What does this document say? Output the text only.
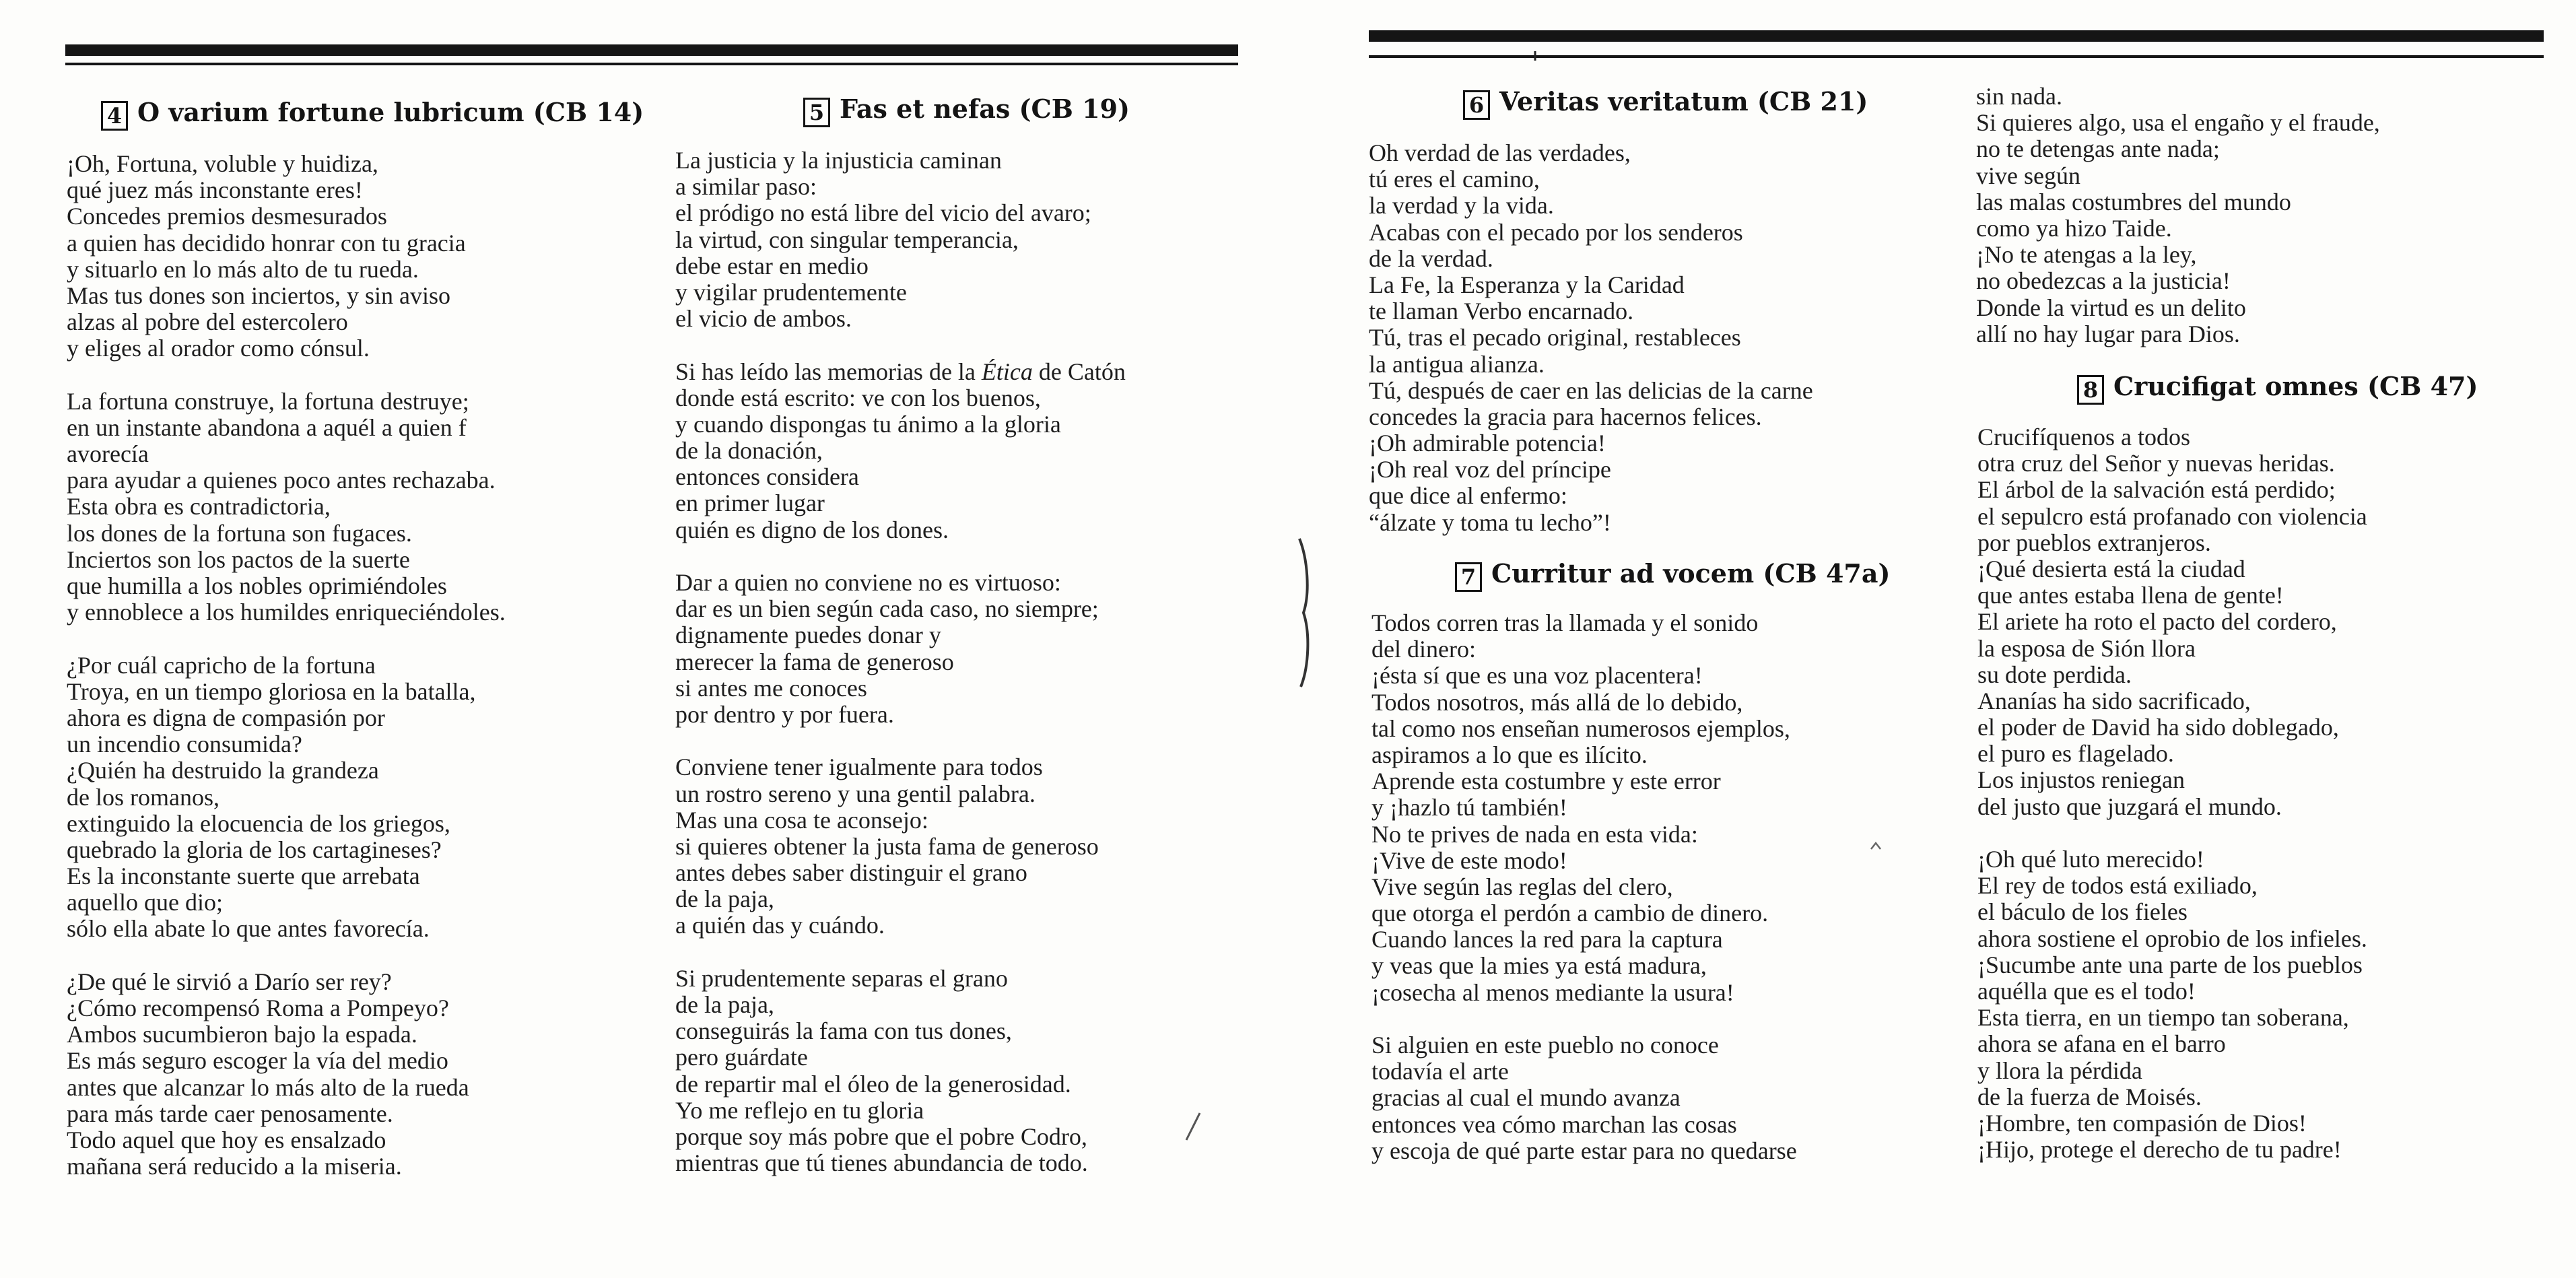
4 O varium fortune lubricum (CB 14)
¡Oh, Fortuna, voluble y huidiza,
qué juez más inconstante eres!
Concedes premios desmesurados
a quien has decidido honrar con tu gracia
y situarlo en lo más alto de tu rueda.
Mas tus dones son inciertos, y sin aviso
alzas al pobre del estercolero
y eliges al orador como cónsul.
La fortuna construye, la fortuna destruye;
en un instante abandona a aquél a quien f
avorecía
para ayudar a quienes poco antes rechazaba.
Esta obra es contradictoria,
los dones de la fortuna son fugaces.
Inciertos son los pactos de la suerte
que humilla a los nobles oprimiéndoles
y ennoblece a los humildes enriqueciéndoles.
¿Por cuál capricho de la fortuna
Troya, en un tiempo gloriosa en la batalla,
ahora es digna de compasión por
un incendio consumida?
¿Quién ha destruido la grandeza
de los romanos,
extinguido la elocuencia de los griegos,
quebrado la gloria de los cartagineses?
Es la inconstante suerte que arrebata
aquello que dio;
sólo ella abate lo que antes favorecía.
¿De qué le sirvió a Darío ser rey?
¿Cómo recompensó Roma a Pompeyo?
Ambos sucumbieron bajo la espada.
Es más seguro escoger la vía del medio
antes que alcanzar lo más alto de la rueda
para más tarde caer penosamente.
Todo aquel que hoy es ensalzado
mañana será reducido a la miseria.
5 Fas et nefas (CB 19)
La justicia y la injusticia caminan
a similar paso:
el pródigo no está libre del vicio del avaro;
la virtud, con singular temperancia,
debe estar en medio
y vigilar prudentemente
el vicio de ambos.
Si has leído las memorias de la Ética de Catón
donde está escrito: ve con los buenos,
y cuando dispongas tu ánimo a la gloria
de la donación,
entonces considera
en primer lugar
quién es digno de los dones.
Dar a quien no conviene no es virtuoso:
dar es un bien según cada caso, no siempre;
dignamente puedes donar y
merecer la fama de generoso
si antes me conoces
por dentro y por fuera.
Conviene tener igualmente para todos
un rostro sereno y una gentil palabra.
Mas una cosa te aconsejo:
si quieres obtener la justa fama de generoso
antes debes saber distinguir el grano
de la paja,
a quién das y cuándo.
Si prudentemente separas el grano
de la paja,
conseguirás la fama con tus dones,
pero guárdate
de repartir mal el óleo de la generosidad.
Yo me reflejo en tu gloria
porque soy más pobre que el pobre Codro,
mientras que tú tienes abundancia de todo.
6 Veritas veritatum (CB 21)
Oh verdad de las verdades,
tú eres el camino,
la verdad y la vida.
Acabas con el pecado por los senderos
de la verdad.
La Fe, la Esperanza y la Caridad
te llaman Verbo encarnado.
Tú, tras el pecado original, restableces
la antigua alianza.
Tú, después de caer en las delicias de la carne
concedes la gracia para hacernos felices.
¡Oh admirable potencia!
¡Oh real voz del príncipe
que dice al enfermo:
“álzate y toma tu lecho”!
7 Curritur ad vocem (CB 47a)
Todos corren tras la llamada y el sonido
del dinero:
¡ésta sí que es una voz placentera!
Todos nosotros, más allá de lo debido,
tal como nos enseñan numerosos ejemplos,
aspiramos a lo que es ilícito.
Aprende esta costumbre y este error
y ¡hazlo tú también!
No te prives de nada en esta vida:
¡Vive de este modo!
Vive según las reglas del clero,
que otorga el perdón a cambio de dinero.
Cuando lances la red para la captura
y veas que la mies ya está madura,
¡cosecha al menos mediante la usura!
Si alguien en este pueblo no conoce
todavía el arte
gracias al cual el mundo avanza
entonces vea cómo marchan las cosas
y escoja de qué parte estar para no quedarse
sin nada.
Si quieres algo, usa el engaño y el fraude,
no te detengas ante nada;
vive según
las malas costumbres del mundo
como ya hizo Taide.
¡No te atengas a la ley,
no obedezcas a la justicia!
Donde la virtud es un delito
allí no hay lugar para Dios.
8 Crucifigat omnes (CB 47)
Crucifíquenos a todos
otra cruz del Señor y nuevas heridas.
El árbol de la salvación está perdido;
el sepulcro está profanado con violencia
por pueblos extranjeros.
¡Qué desierta está la ciudad
que antes estaba llena de gente!
El ariete ha roto el pacto del cordero,
la esposa de Sión llora
su dote perdida.
Ananías ha sido sacrificado,
el poder de David ha sido doblegado,
el puro es flagelado.
Los injustos reniegan
del justo que juzgará el mundo.
¡Oh qué luto merecido!
El rey de todos está exiliado,
el báculo de los fieles
ahora sostiene el oprobio de los infieles.
¡Sucumbe ante una parte de los pueblos
aquélla que es el todo!
Esta tierra, en un tiempo tan soberana,
ahora se afana en el barro
y llora la pérdida
de la fuerza de Moisés.
¡Hombre, ten compasión de Dios!
¡Hijo, protege el derecho de tu padre!
